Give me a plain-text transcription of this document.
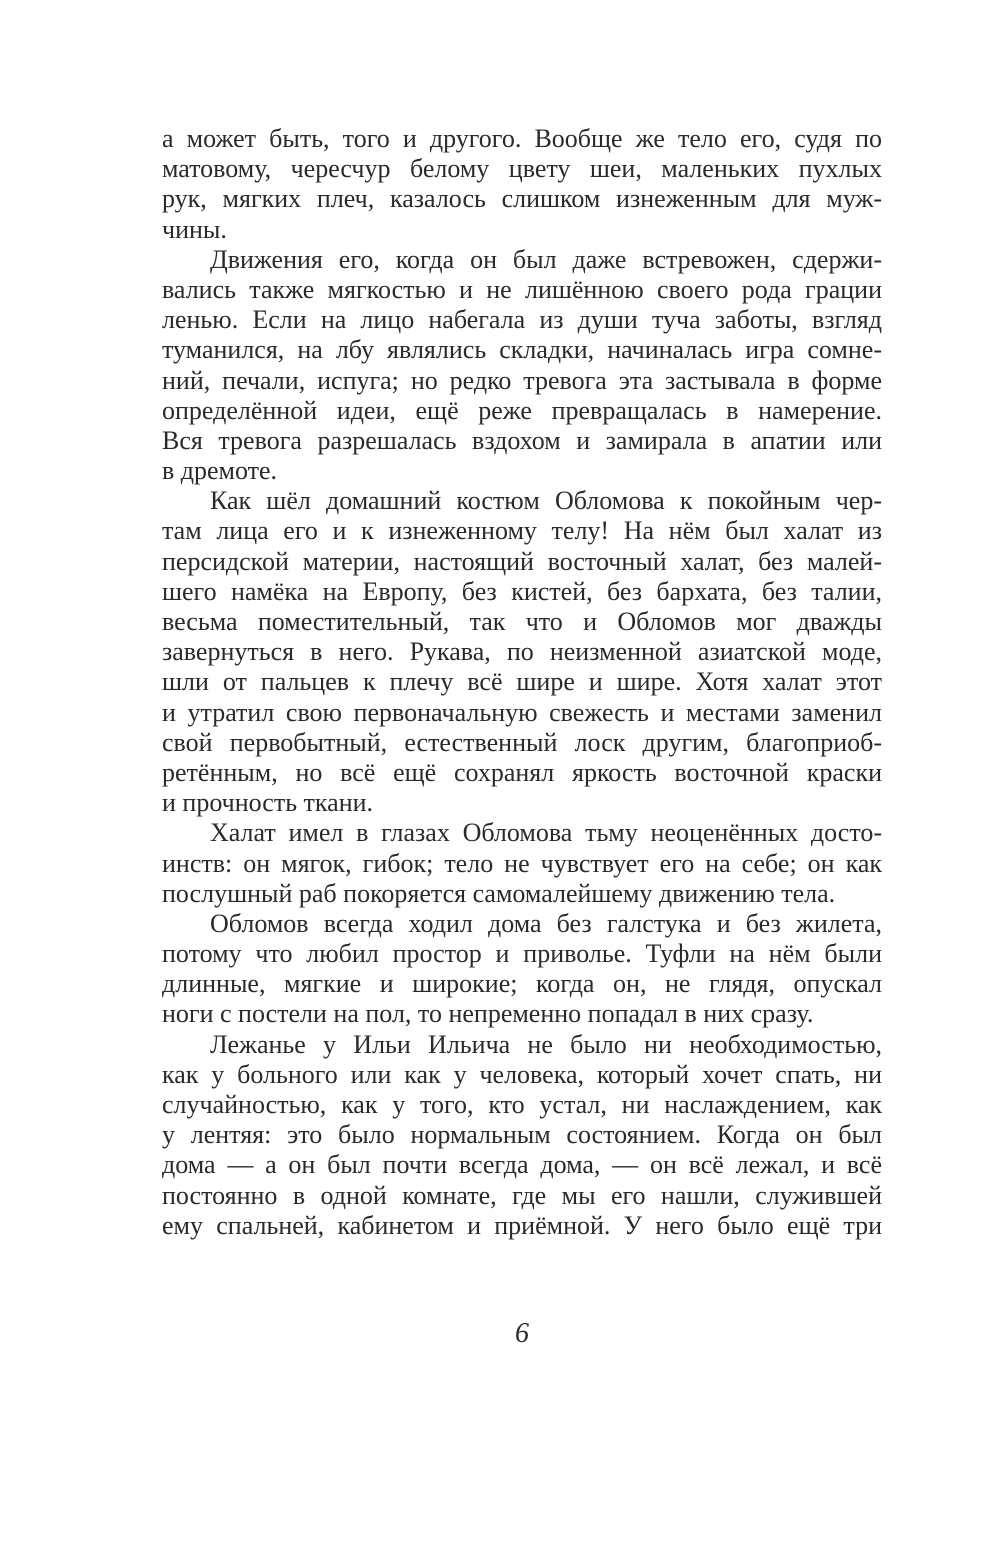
а может быть, того и другого. Вообще же тело его, судя по
матовому, чересчур белому цвету шеи, маленьких пухлых
рук, мягких плеч, казалось слишком изнеженным для муж-
чины.
Движения его, когда он был даже встревожен, сдержи-
вались также мягкостью и не лишённою своего рода грации
ленью. Если на лицо набегала из души туча заботы, взгляд
туманился, на лбу являлись складки, начиналась игра сомне-
ний, печали, испуга; но редко тревога эта застывала в форме
определённой идеи, ещё реже превращалась в намерение.
Вся тревога разрешалась вздохом и замирала в апатии или
в дремоте.
Как шёл домашний костюм Обломова к покойным чер-
там лица его и к изнеженному телу! На нём был халат из
персидской материи, настоящий восточный халат, без малей-
шего намёка на Европу, без кистей, без бархата, без талии,
весьма поместительный, так что и Обломов мог дважды
завернуться в него. Рукава, по неизменной азиатской моде,
шли от пальцев к плечу всё шире и шире. Хотя халат этот
и утратил свою первоначальную свежесть и местами заменил
свой первобытный, естественный лоск другим, благоприоб-
ретённым, но всё ещё сохранял яркость восточной краски
и прочность ткани.
Халат имел в глазах Обломова тьму неоценённых досто-
инств: он мягок, гибок; тело не чувствует его на себе; он как
послушный раб покоряется самомалейшему движению тела.
Обломов всегда ходил дома без галстука и без жилета,
потому что любил простор и приволье. Туфли на нём были
длинные, мягкие и широкие; когда он, не глядя, опускал
ноги с постели на пол, то непременно попадал в них сразу.
Лежанье у Ильи Ильича не было ни необходимостью,
как у больного или как у человека, который хочет спать, ни
случайностью, как у того, кто устал, ни наслаждением, как
у лентяя: это было нормальным состоянием. Когда он был
дома — а он был почти всегда дома, — он всё лежал, и всё
постоянно в одной комнате, где мы его нашли, служившей
ему спальней, кабинетом и приёмной. У него было ещё три
6
